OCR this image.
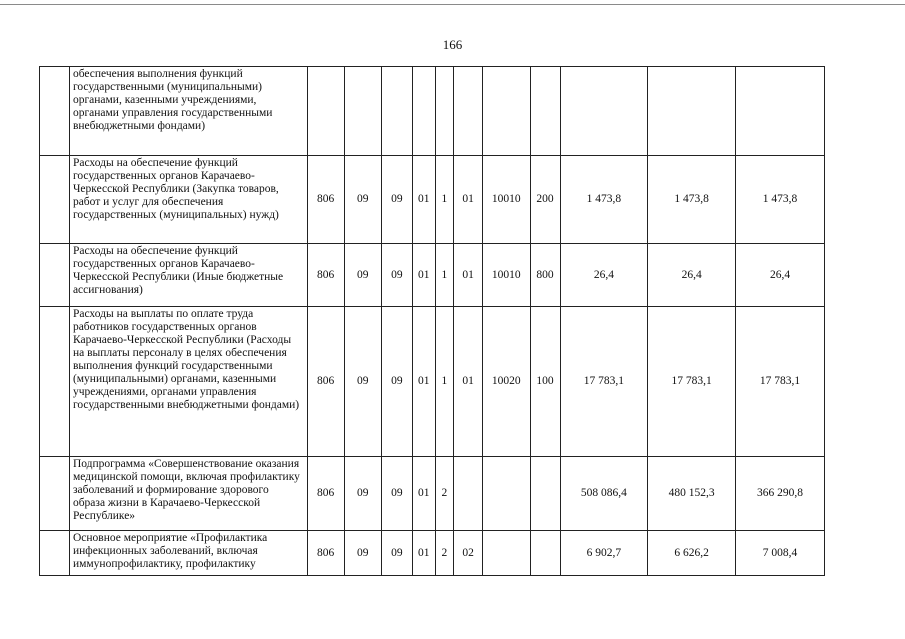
166
	обеспечения выполнения функций государственными (муниципальными) органами, казенными учреждениями, органами управления государственными внебюджетными фондами)											
	Расходы на обеспечение функций государственных органов Карачаево-Черкесской Республики (Закупка товаров, работ и услуг для обеспечения государственных (муниципальных) нужд)	806	09	09	01	1	01	10010	200	1 473,8	1 473,8	1 473,8
	Расходы на обеспечение функций государственных органов Карачаево-Черкесской Республики (Иные бюджетные ассигнования)	806	09	09	01	1	01	10010	800	26,4	26,4	26,4
	Расходы на выплаты по оплате труда работников государственных органов Карачаево-Черкесской Республики (Расходы на выплаты персоналу в целях обеспечения выполнения функций государственными (муниципальными) органами, казенными учреждениями, органами управления государственными внебюджетными фондами)	806	09	09	01	1	01	10020	100	17 783,1	17 783,1	17 783,1
	Подпрограмма «Совершенствование оказания медицинской помощи, включая профилактику заболеваний и формирование здорового образа жизни в Карачаево-Черкесской Республике»	806	09	09	01	2				508 086,4	480 152,3	366 290,8
	Основное мероприятие «Профилактика инфекционных заболеваний, включая иммунопрофилактику, профилактику	806	09	09	01	2	02			6 902,7	6 626,2	7 008,4
